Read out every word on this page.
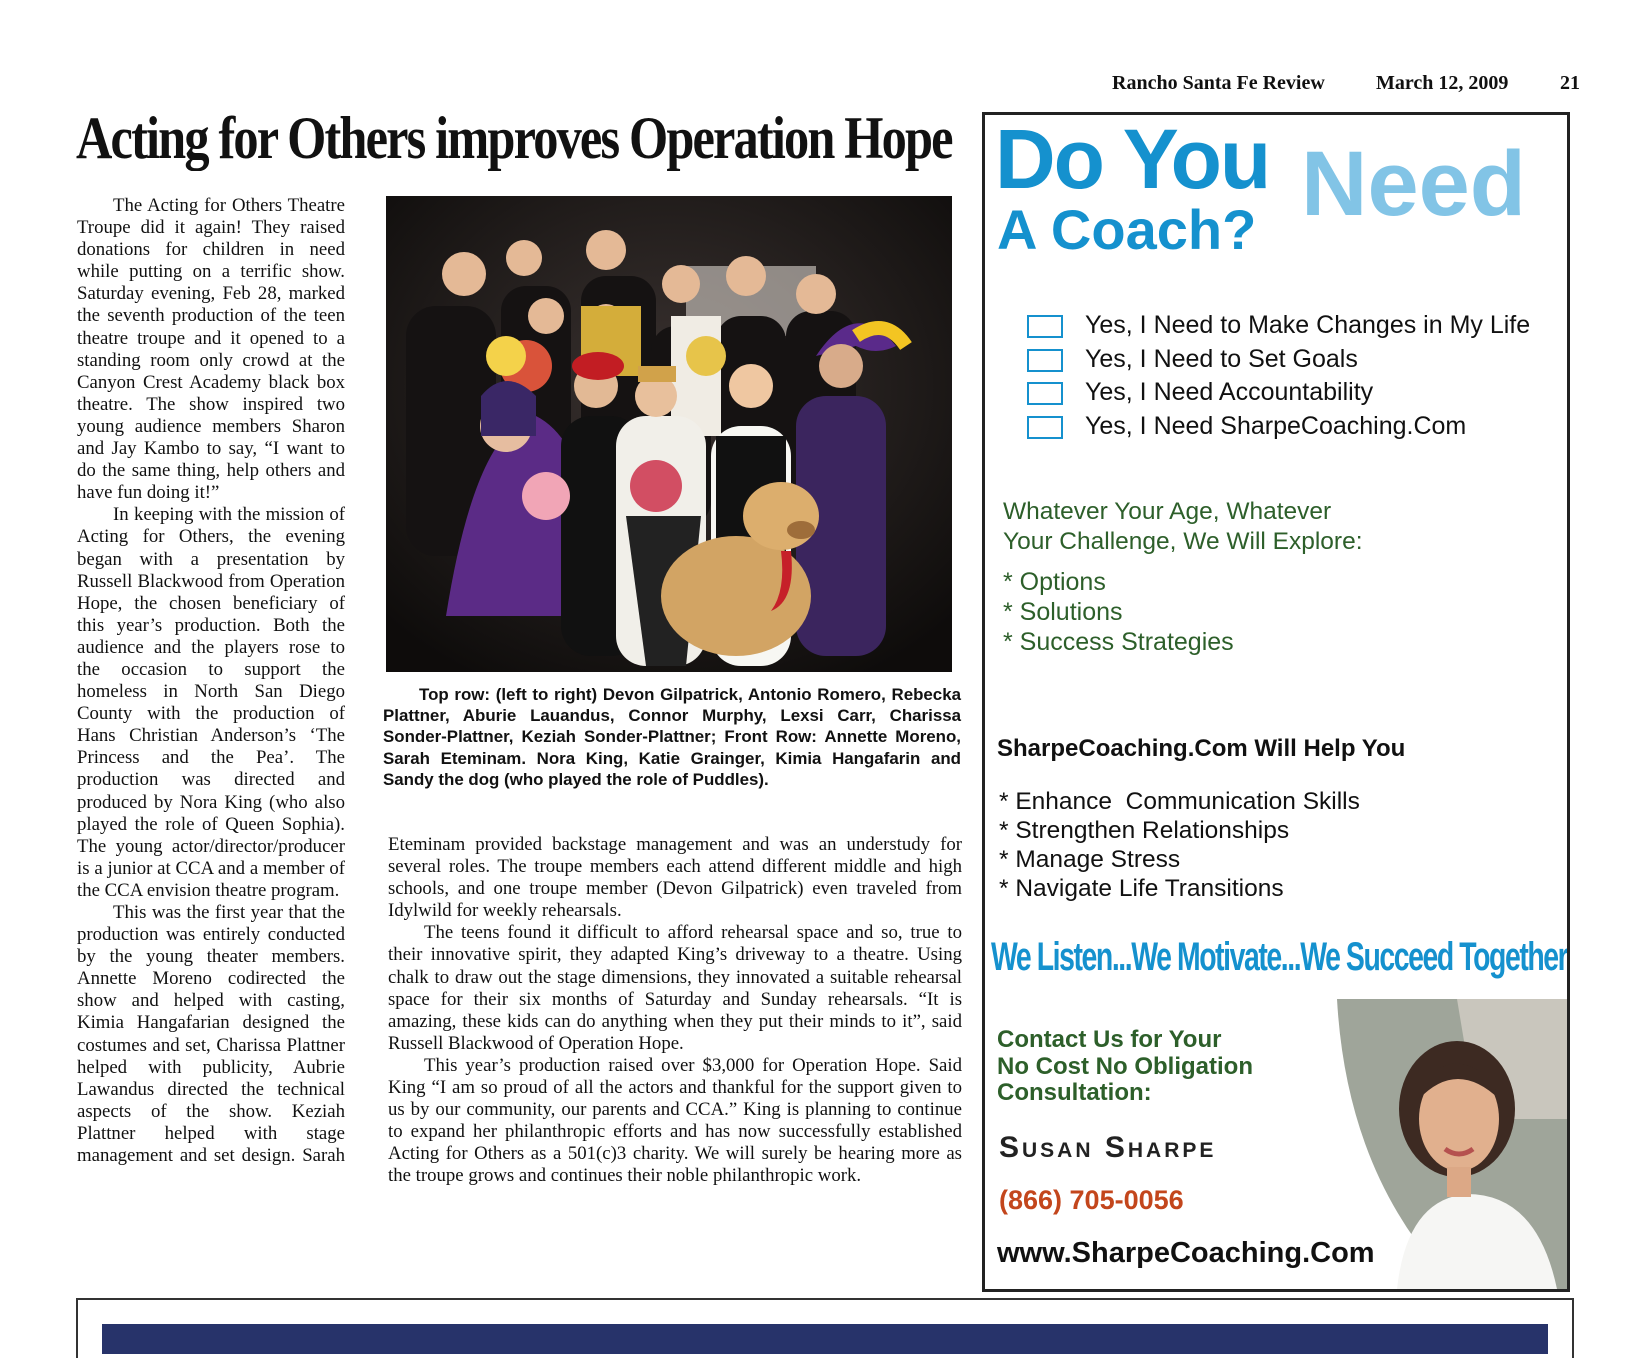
Rancho Santa Fe Review	March 12, 2009	21
Acting for Others improves Operation Hope

The Acting for Others Theatre Troupe did it again! They raised donations for children in need while putting on a terrific show. Saturday evening, Feb 28, marked the seventh production of the teen theatre troupe and it opened to a standing room only crowd at the Canyon Crest Academy black box theatre. The show inspired two young audience members Sharon and Jay Kambo to say, “I want to do the same thing, help others and have fun doing it!”

In keeping with the mission of Acting for Others, the evening began with a presentation by Russell Blackwood from Operation Hope, the chosen beneficiary of this year’s production. Both the audience and the players rose to the occasion to support the homeless in North San Diego County with the production of Hans Christian Anderson’s ‘The Princess and the Pea’. The production was directed and produced by Nora King (who also played the role of Queen Sophia). The young actor/director/producer is a junior at CCA and a member of the CCA envision theatre program.

This was the first year that the production was entirely conducted by the young theater members. Annette Moreno codirected the show and helped with casting, Kimia Hangafarian designed the costumes and set, Charissa Plattner helped with publicity, Aubrie Lawandus directed the technical aspects of the show. Keziah Plattner helped with stage management and set design. Sarah

Top row: (left to right) Devon Gilpatrick, Antonio Romero, Rebecka Plattner, Aburie Lauandus, Connor Murphy, Lexsi Carr, Charissa Sonder-Plattner, Keziah Sonder-Plattner; Front Row: Annette Moreno, Sarah Eteminam. Nora King, Katie Grainger, Kimia Hangafarin and Sandy the dog (who played the role of Puddles).

Eteminam provided backstage management and was an understudy for several roles. The troupe members each attend different middle and high schools, and one troupe member (Devon Gilpatrick) even traveled from Idylwild for weekly rehearsals.

The teens found it difficult to afford rehearsal space and so, true to their innovative spirit, they adapted King’s driveway to a theatre. Using chalk to draw out the stage dimensions, they innovated a suitable rehearsal space for their six months of Saturday and Sunday rehearsals. “It is amazing, these kids can do anything when they put their minds to it”, said Russell Blackwood of Operation Hope.

This year’s production raised over $3,000 for Operation Hope. Said King “I am so proud of all the actors and thankful for the support given to us by our community, our parents and CCA.” King is planning to continue to expand her philanthropic efforts and has now successfully established Acting for Others as a 501(c)3 charity. We will surely be hearing more as the troupe grows and continues their noble philanthropic work.

Need
Do You
A Coach?
Yes, I Need to Make Changes in My Life
Yes, I Need to Set Goals
Yes, I Need Accountability
Yes, I Need SharpeCoaching.Com
Whatever Your Age, Whatever
Your Challenge, We Will Explore:
* Options
* Solutions
* Success Strategies
SharpeCoaching.Com Will Help You
* Enhance  Communication Skills
* Strengthen Relationships
* Manage Stress
* Navigate Life Transitions
We Listen...We Motivate...We Succeed Together
Contact Us for Your
No Cost No Obligation
Consultation:
Susan Sharpe
(866) 705-0056
www.SharpeCoaching.Com
